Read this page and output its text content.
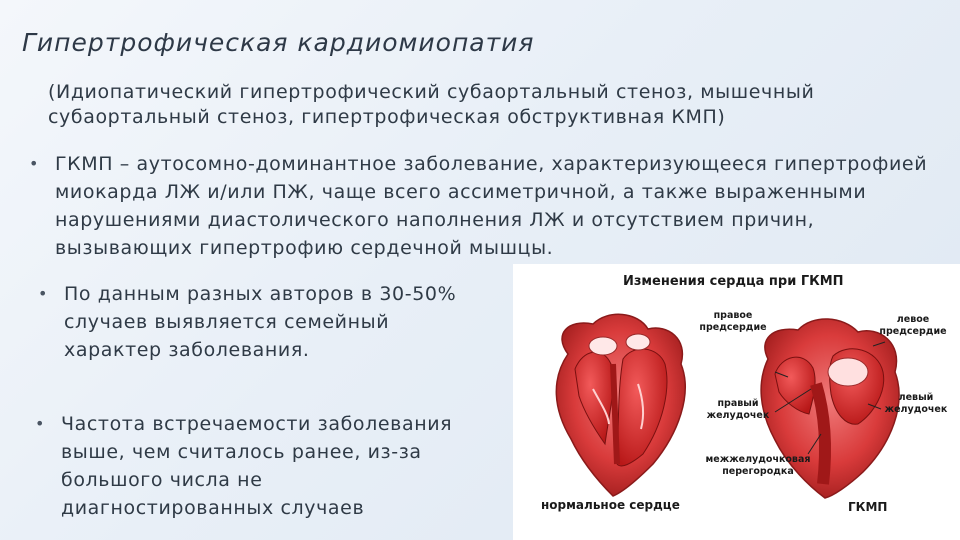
Гипертрофическая кардиомиопатия
(Идиопатический гипертрофический субаортальный стеноз, мышечный субаортальный стеноз, гипертрофическая обструктивная КМП)
• ГКМП – аутосомно-доминантное заболевание, характеризующееся гипертрофией миокарда ЛЖ и/или ПЖ, чаще всего ассиметричной, а также выраженными нарушениями диастолического наполнения ЛЖ и отсутствием причин, вызывающих гипертрофию сердечной мышцы.
• По данным разных авторов в 30-50% случаев выявляется семейный характер заболевания.
• Частота встречаемости заболевания выше, чем считалось ранее, из-за большого числа не диагностированных случаев
Изменения сердца при ГКМП
правое предсердие
левое предсердие
правый желудочек
левый желудочек
межжелудочковая перегородка
нормальное сердце	ГКМП
